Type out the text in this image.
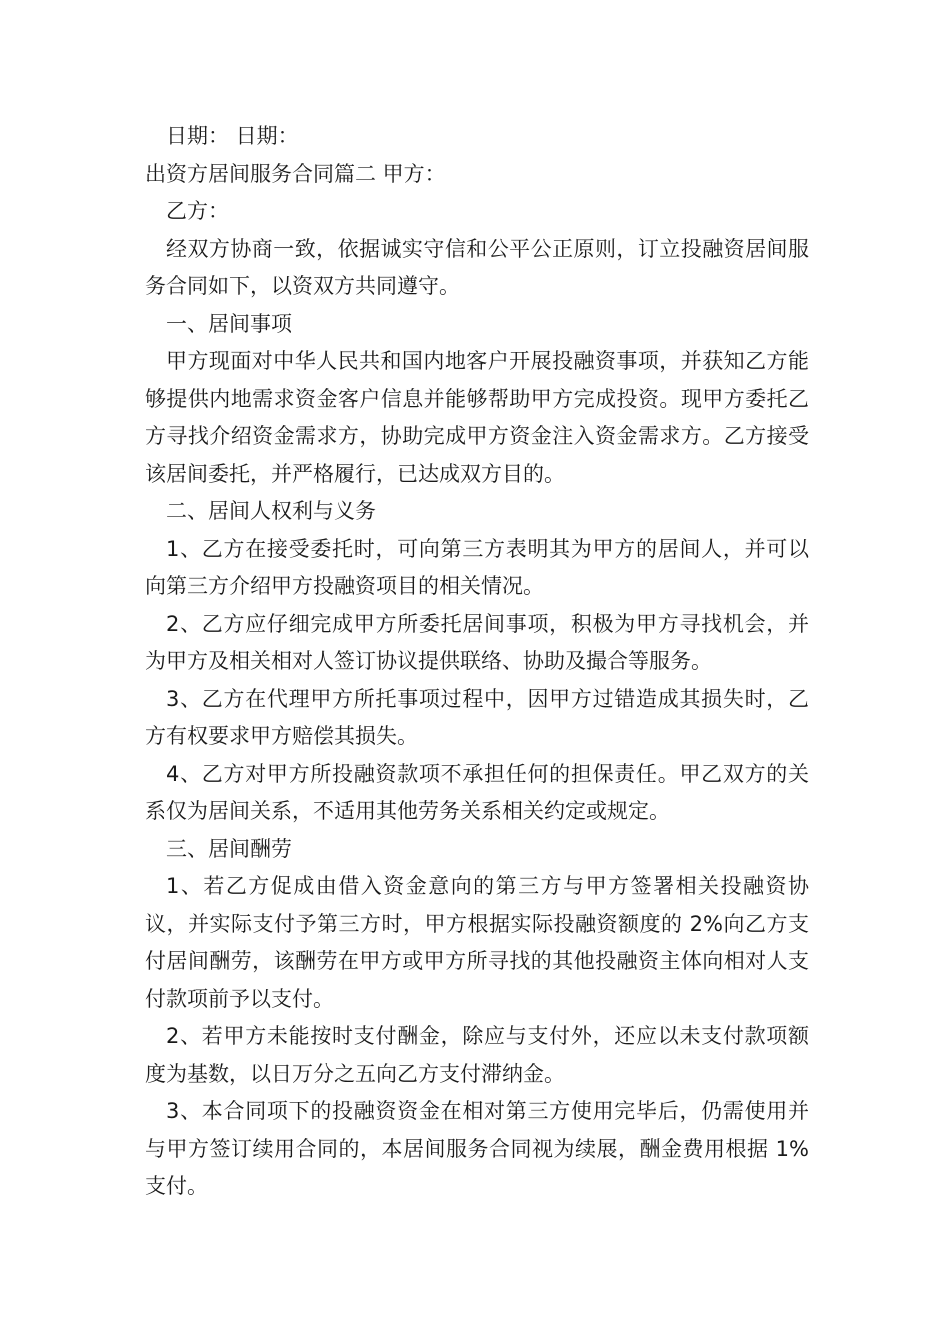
日期： 日期：

出资方居间服务合同篇二 甲方：

乙方：

经双方协商一致，依据诚实守信和公平公正原则，订立投融资居间服务合同如下，以资双方共同遵守。

一、居间事项

甲方现面对中华人民共和国内地客户开展投融资事项，并获知乙方能够提供内地需求资金客户信息并能够帮助甲方完成投资。现甲方委托乙方寻找介绍资金需求方，协助完成甲方资金注入资金需求方。乙方接受该居间委托，并严格履行，已达成双方目的。

二、居间人权利与义务

1、乙方在接受委托时，可向第三方表明其为甲方的居间人，并可以向第三方介绍甲方投融资项目的相关情况。

2、乙方应仔细完成甲方所委托居间事项，积极为甲方寻找机会，并为甲方及相关相对人签订协议提供联络、协助及撮合等服务。

3、乙方在代理甲方所托事项过程中，因甲方过错造成其损失时，乙方有权要求甲方赔偿其损失。

4、乙方对甲方所投融资款项不承担任何的担保责任。甲乙双方的关系仅为居间关系，不适用其他劳务关系相关约定或规定。

三、居间酬劳

1、若乙方促成由借入资金意向的第三方与甲方签署相关投融资协议，并实际支付予第三方时，甲方根据实际投融资额度的 2%向乙方支付居间酬劳，该酬劳在甲方或甲方所寻找的其他投融资主体向相对人支付款项前予以支付。

2、若甲方未能按时支付酬金，除应与支付外，还应以未支付款项额度为基数，以日万分之五向乙方支付滞纳金。

3、本合同项下的投融资资金在相对第三方使用完毕后，仍需使用并与甲方签订续用合同的，本居间服务合同视为续展，酬金费用根据 1%支付。
